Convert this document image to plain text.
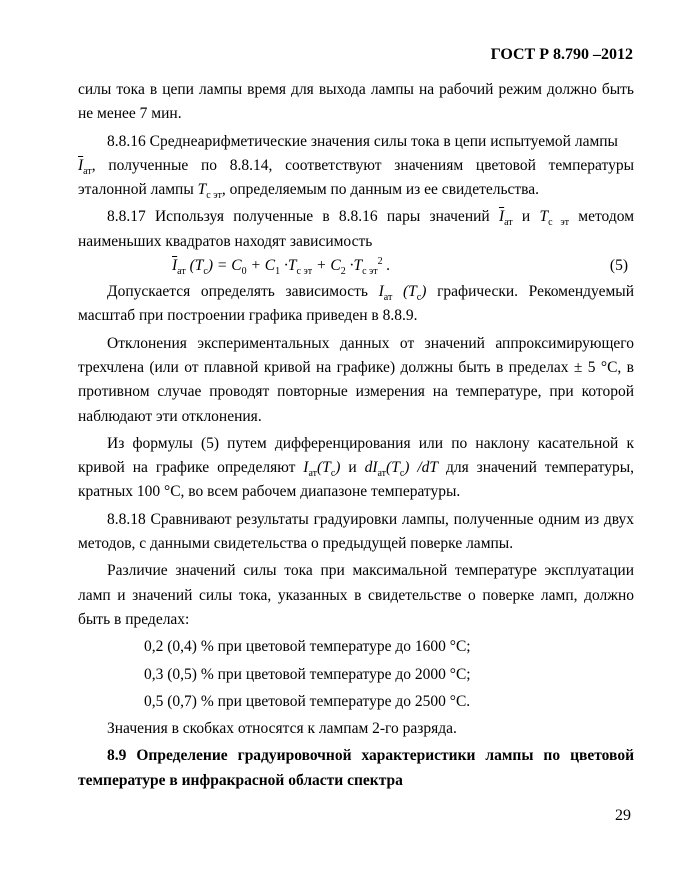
ГОСТ Р 8.790 –2012

силы тока в цепи лампы время для выхода лампы на рабочий режим должно быть не менее 7 мин.

8.8.16 Среднеарифметические значения силы тока в цепи испытуемой лампы
$\overline{I}_{ат}$, полученные по 8.8.14, соответствуют значениям цветовой температуры эталонной лампы $T_{с эт}$, определяемым по данным из ее свидетельства.

8.8.17 Используя полученные в 8.8.16 пары значений $\overline{I}_{ат}$ и $T_{с эт}$ методом наименьших квадратов находят зависимость

$\overline{I}_{ат}$ $(T_с) = C_0 + C_1 \cdot T_{с эт} + C_2 \cdot T_{с эт}^2$ .	(5)

Допускается определять зависимость $I_{ат}$ $(T_c)$ графически. Рекомендуемый масштаб при построении графика приведен в 8.8.9.

Отклонения экспериментальных данных от значений аппроксимирующего трехчлена (или от плавной кривой на графике) должны быть в пределах ± 5 °С, в противном случае проводят повторные измерения на температуре, при которой наблюдают эти отклонения.

Из формулы (5) путем дифференцирования или по наклону касательной к кривой на графике определяют $I_{ат}(T_с)$ и $dI_{ат}(T_с)$ /dT для значений температуры, кратных 100 °С, во всем рабочем диапазоне температуры.

8.8.18 Сравнивают результаты градуировки лампы, полученные одним из двух методов, с данными свидетельства о предыдущей поверке лампы.

Различие значений силы тока при максимальной температуре эксплуатации ламп и значений силы тока, указанных в свидетельстве о поверке ламп, должно быть в пределах:

0,2 (0,4) % при цветовой температуре до 1600 °С;

0,3 (0,5) % при цветовой температуре до 2000 °С;

0,5 (0,7) % при цветовой температуре до 2500 °С.

Значения в скобках относятся к лампам 2-го разряда.

8.9 Определение градуировочной характеристики лампы по цветовой температуре в инфракрасной области спектра

29
